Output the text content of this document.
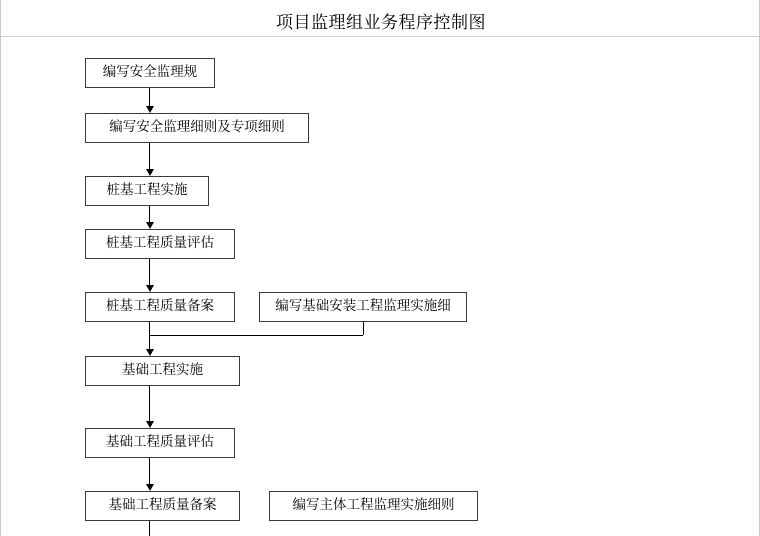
项目监理组业务程序控制图
编写安全监理规
编写安全监理细则及专项细则
桩基工程实施
桩基工程质量评估
桩基工程质量备案	编写基础安装工程监理实施细
基础工程实施
基础工程质量评估
基础工程质量备案	编写主体工程监理实施细则
